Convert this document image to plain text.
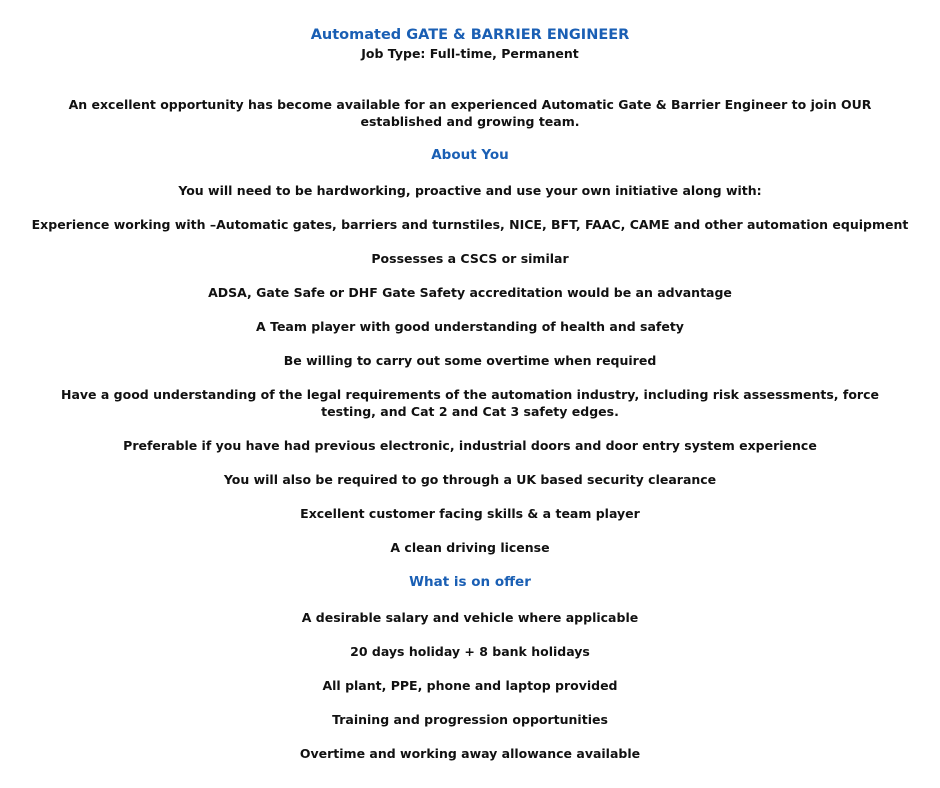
Automated GATE & BARRIER ENGINEER
Job Type: Full-time, Permanent
An excellent opportunity has become available for an experienced Automatic Gate & Barrier Engineer to join OUR established and growing team.
About You
You will need to be hardworking, proactive and use your own initiative along with:
Experience working with –Automatic gates, barriers and turnstiles, NICE, BFT, FAAC, CAME and other automation equipment
Possesses a CSCS or similar
ADSA, Gate Safe or DHF Gate Safety accreditation would be an advantage
A Team player with good understanding of health and safety
Be willing to carry out some overtime when required
Have a good understanding of the legal requirements of the automation industry, including risk assessments, force testing, and Cat 2 and Cat 3 safety edges.
Preferable if you have had previous electronic, industrial doors and door entry system experience
You will also be required to go through a UK based security clearance
Excellent customer facing skills & a team player
A clean driving license
What is on offer
A desirable salary and vehicle where applicable
20 days holiday + 8 bank holidays
All plant, PPE, phone and laptop provided
Training and progression opportunities
Overtime and working away allowance available
